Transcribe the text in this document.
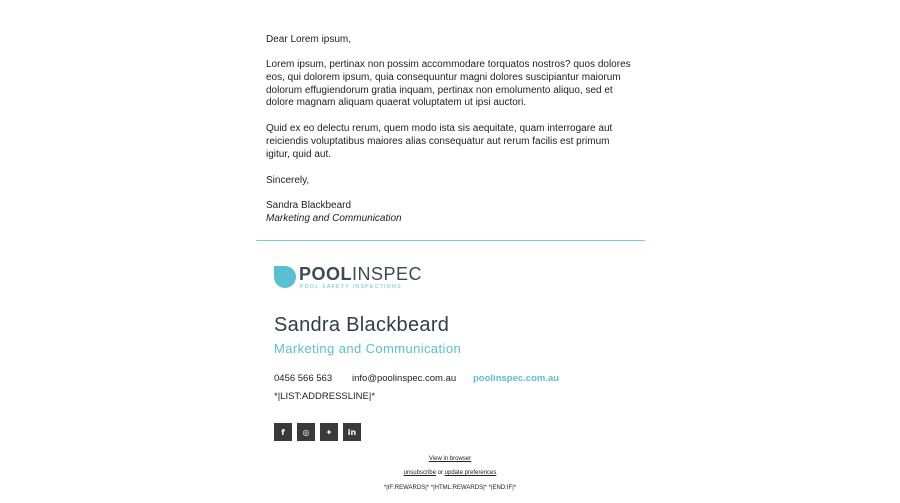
Dear Lorem ipsum,
Lorem ipsum, pertinax non possim accommodare torquatos nostros? quos dolores eos, qui dolorem ipsum, quia consequuntur magni dolores suscipiantur maiorum dolorum effugiendorum gratia inquam, pertinax non emolumento aliquo, sed et dolore magnam aliquam quaerat voluptatem ut ipsi auctori.
Quid ex eo delectu rerum, quem modo ista sis aequitate, quam interrogare aut reiciendis voluptatibus maiores alias consequatur aut rerum facilis est primum igitur, quid aut.
Sincerely,
Sandra Blackbeard
Marketing and Communication
POOLINSPEC
POOL SAFETY INSPECTIONS
Sandra Blackbeard
Marketing and Communication
0456 566 563 info@poolinspec.com.au poolinspec.com.au
*|LIST:ADDRESSLINE|*
f	◎	✦	in
View in browser
unsubscribe or update preferences
*|IF:REWARDS|* *|HTML:REWARDS|* *|END:IF|*
